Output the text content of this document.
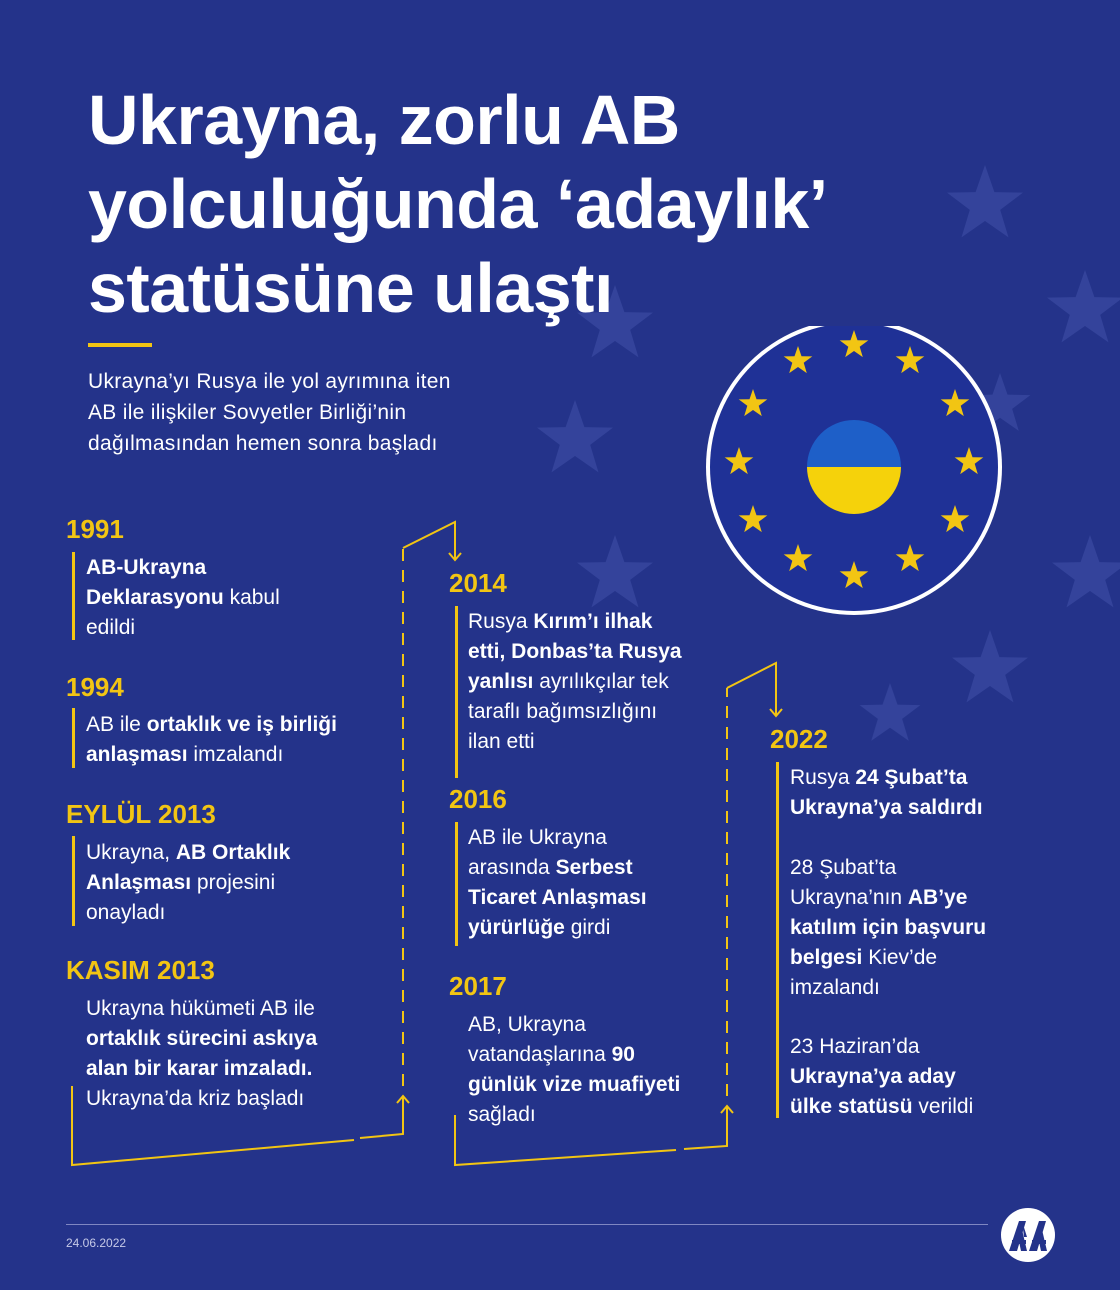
Ukrayna, zorlu AB
yolculuğunda ‘adaylık’
statüsüne ulaştı
Ukrayna’yı Rusya ile yol ayrımına iten
AB ile ilişkiler Sovyetler Birliği’nin
dağılmasından hemen sonra başladı
1991
AB-Ukrayna
Deklarasyonu kabul
edildi
1994
AB ile ortaklık ve iş birliği
anlaşması imzalandı
EYLÜL 2013
Ukrayna, AB Ortaklık
Anlaşması projesini
onayladı
KASIM 2013
Ukrayna hükümeti AB ile
ortaklık sürecini askıya
alan bir karar imzaladı.
Ukrayna’da kriz başladı
2014
Rusya Kırım’ı ilhak
etti, Donbas’ta Rusya
yanlısı ayrılıkçılar tek
taraflı bağımsızlığını
ilan etti
2016
AB ile Ukrayna
arasında Serbest
Ticaret Anlaşması
yürürlüğe girdi
2017
AB, Ukrayna
vatandaşlarına 90
günlük vize muafiyeti
sağladı
2022
Rusya 24 Şubat’ta
Ukrayna’ya saldırdı
28 Şubat’ta
Ukrayna’nın AB’ye
katılım için başvuru
belgesi Kiev’de
imzalandı
23 Haziran’da
Ukrayna’ya aday
ülke statüsü verildi
24.06.2022
